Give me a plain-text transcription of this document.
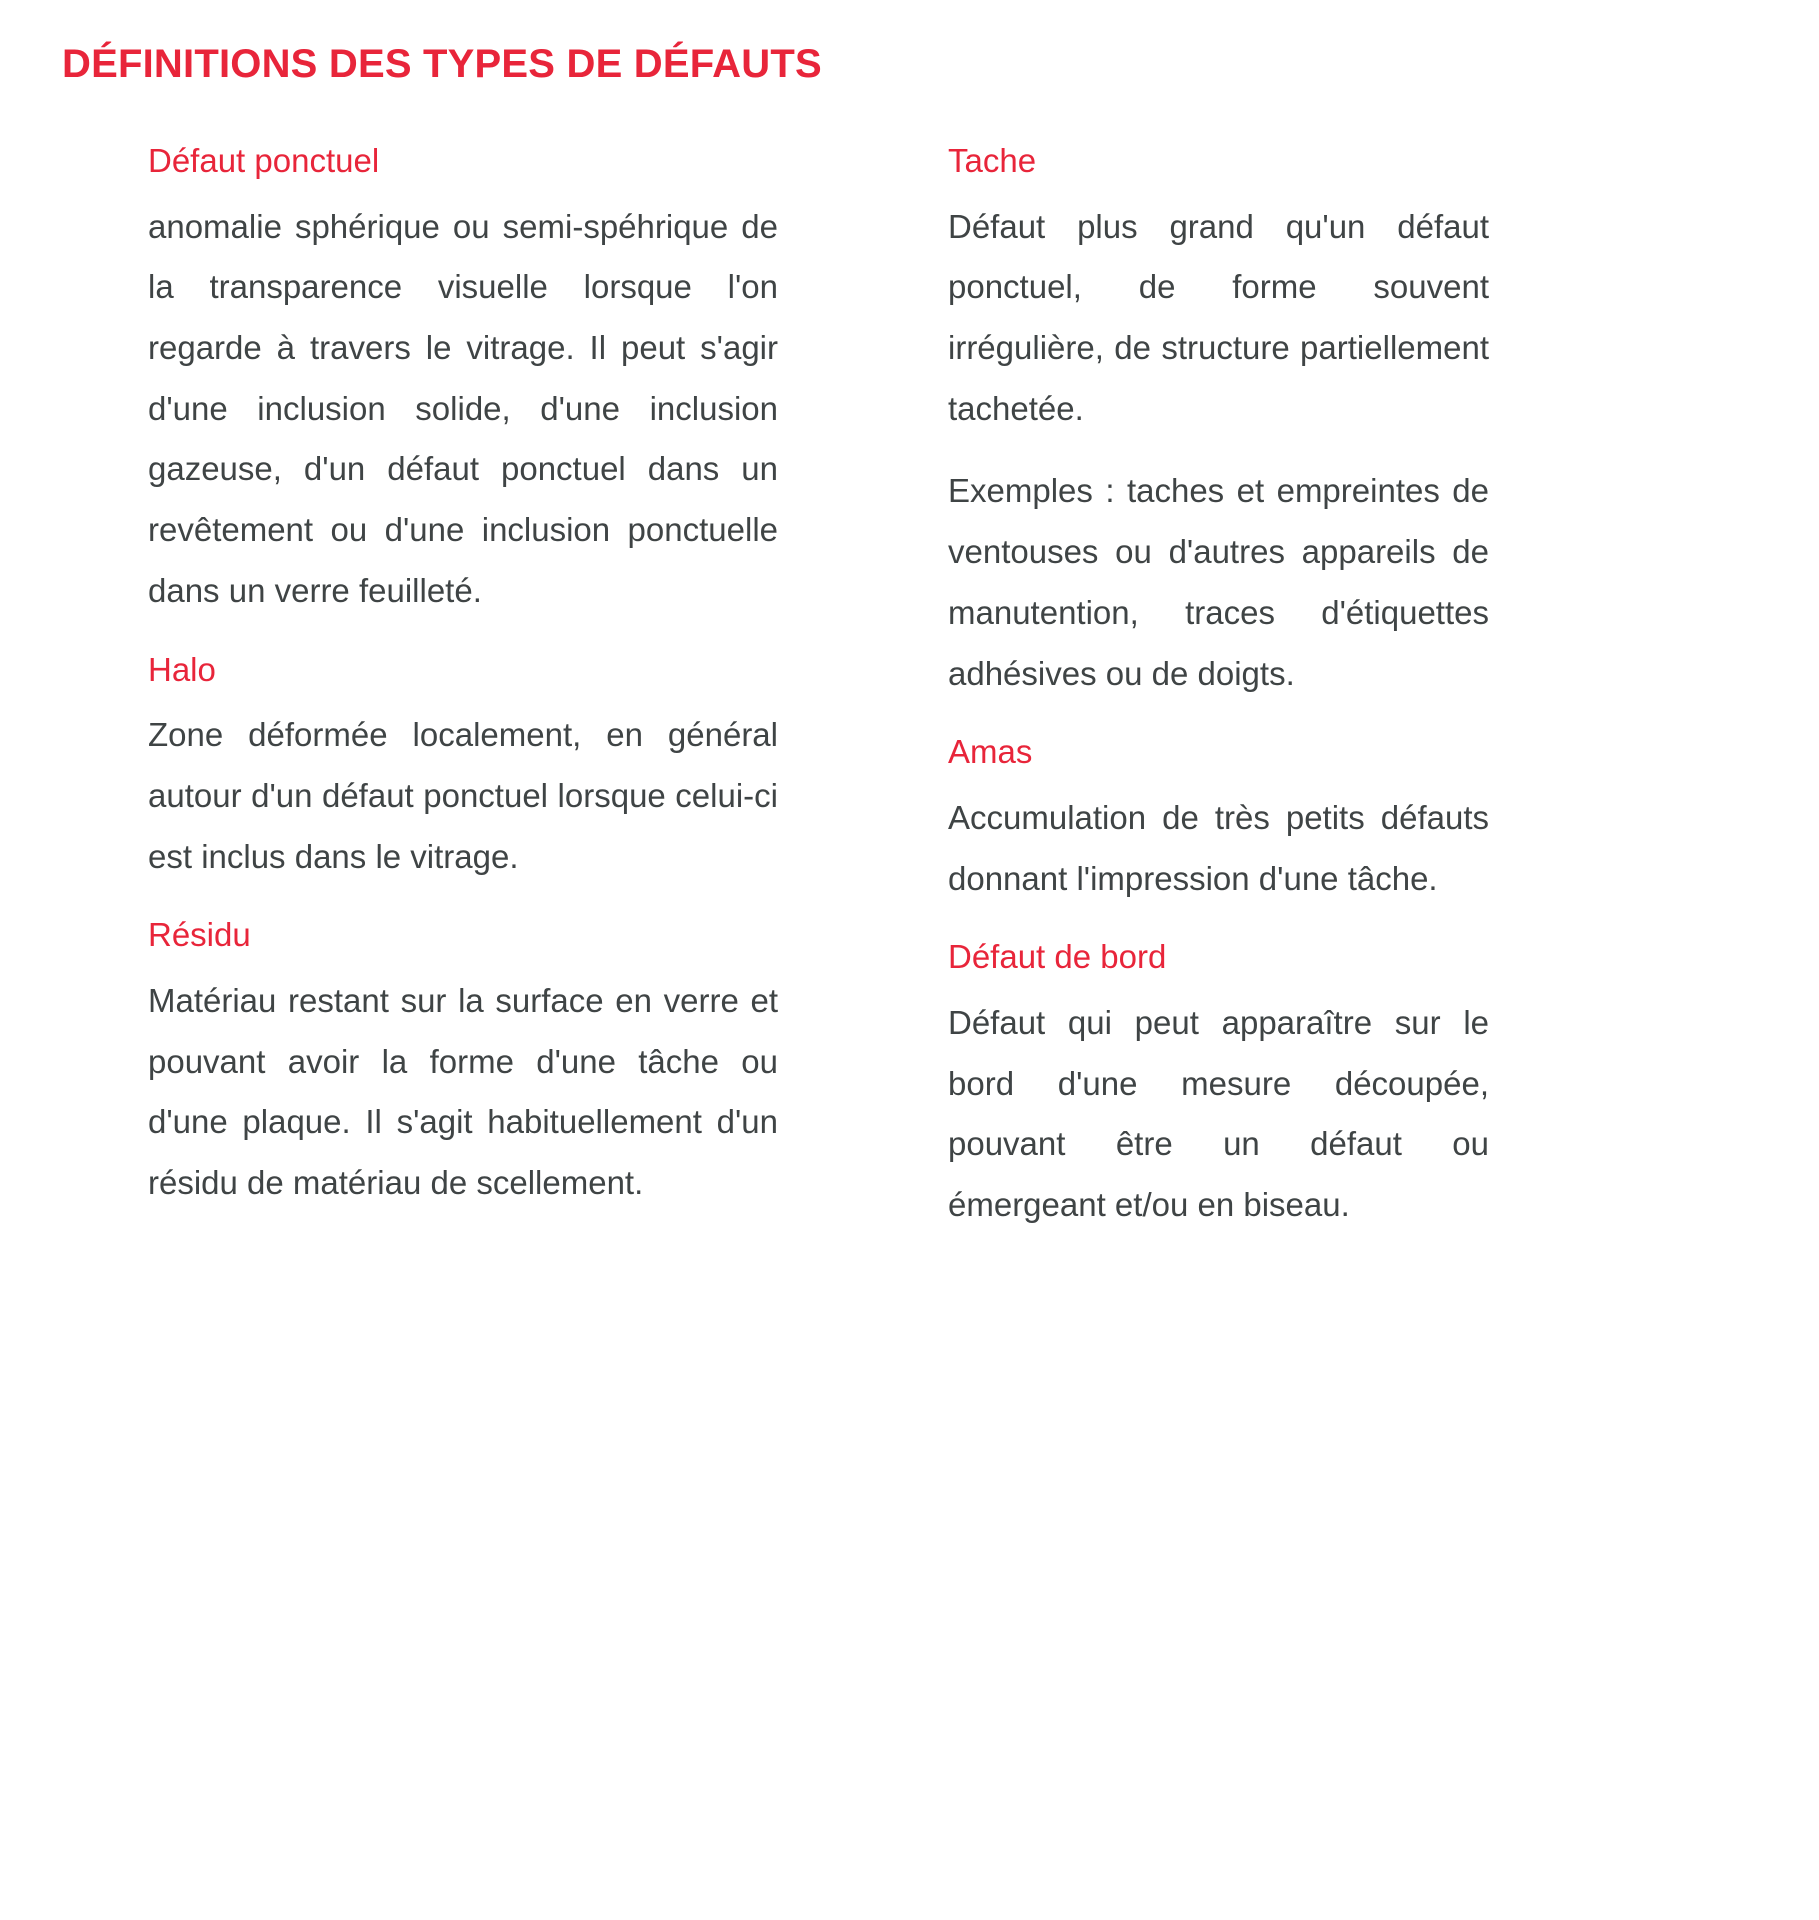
DÉFINITIONS DES TYPES DE DÉFAUTS
Défaut ponctuel

anomalie sphérique ou semi-spéhrique de la transparence visuelle lorsque l'on regarde à travers le vitrage. Il peut s'agir d'une inclusion solide, d'une inclusion gazeuse, d'un défaut ponctuel dans un revêtement ou d'une inclusion ponctuelle dans un verre feuilleté.

Halo

Zone déformée localement, en général autour d'un défaut ponctuel lorsque celui-ci est inclus dans le vitrage.

Résidu

Matériau restant sur la surface en verre et pouvant avoir la forme d'une tâche ou d'une plaque. Il s'agit habituellement d'un résidu de matériau de scellement.

Tache

Défaut plus grand qu'un défaut ponctuel, de forme souvent irrégulière, de structure partiellement tachetée.

Exemples : taches et empreintes de ventouses ou d'autres appareils de manutention, traces d'étiquettes adhésives ou de doigts.

Amas

Accumulation de très petits défauts donnant l'impression d'une tâche.

Défaut de bord

Défaut qui peut apparaître sur le bord d'une mesure découpée, pouvant être un défaut ou émergeant et/ou en biseau.
